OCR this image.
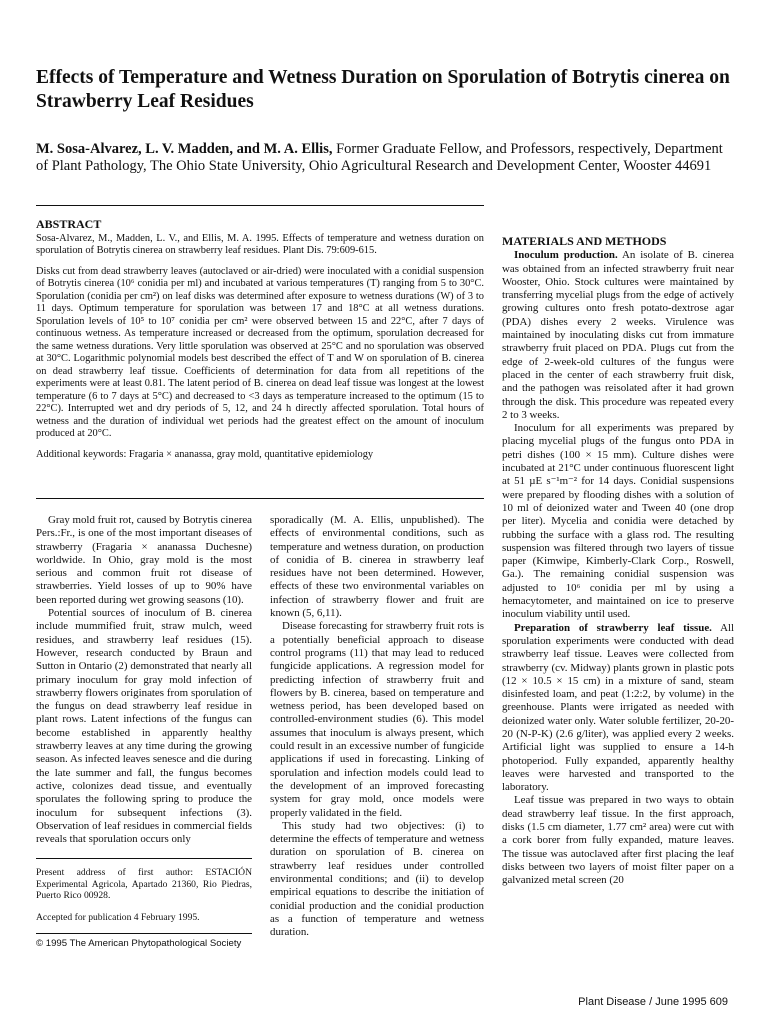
Effects of Temperature and Wetness Duration on Sporulation of Botrytis cinerea on Strawberry Leaf Residues
M. Sosa-Alvarez, L. V. Madden, and M. A. Ellis, Former Graduate Fellow, and Professors, respectively, Department of Plant Pathology, The Ohio State University, Ohio Agricultural Research and Development Center, Wooster 44691
ABSTRACT

Sosa-Alvarez, M., Madden, L. V., and Ellis, M. A. 1995. Effects of temperature and wetness duration on sporulation of Botrytis cinerea on strawberry leaf residues. Plant Dis. 79:609-615.

Disks cut from dead strawberry leaves (autoclaved or air-dried) were inoculated with a conidial suspension of Botrytis cinerea (10⁶ conidia per ml) and incubated at various temperatures (T) ranging from 5 to 30°C. Sporulation (conidia per cm²) on leaf disks was determined after exposure to wetness durations (W) of 3 to 11 days. Optimum temperature for sporulation was between 17 and 18°C at all wetness durations. Sporulation levels of 10⁵ to 10⁷ conidia per cm² were observed between 15 and 22°C, after 7 days of continuous wetness. As temperature increased or decreased from the optimum, sporulation decreased for the same wetness durations. Very little sporulation was observed at 25°C and no sporulation was observed at 30°C. Logarithmic polynomial models best described the effect of T and W on sporulation of B. cinerea on dead strawberry leaf tissue. Coefficients of determination for data from all repetitions of the experiments were at least 0.81. The latent period of B. cinerea on dead leaf tissue was longest at the lowest temperature (6 to 7 days at 5°C) and decreased to <3 days as temperature increased to the optimum (15 to 22°C). Interrupted wet and dry periods of 5, 12, and 24 h directly affected sporulation. Total hours of wetness and the duration of individual wet periods had the greatest effect on the amount of inoculum produced at 20°C.

Additional keywords: Fragaria × ananassa, gray mold, quantitative epidemiology

Gray mold fruit rot, caused by Botrytis cinerea Pers.:Fr., is one of the most important diseases of strawberry (Fragaria × ananassa Duchesne) worldwide. In Ohio, gray mold is the most serious and common fruit rot disease of strawberries. Yield losses of up to 90% have been reported during wet growing seasons (10).

Potential sources of inoculum of B. cinerea include mummified fruit, straw mulch, weed residues, and strawberry leaf residues (15). However, research conducted by Braun and Sutton in Ontario (2) demonstrated that nearly all primary inoculum for gray mold infection of strawberry flowers originates from sporulation of the fungus on dead strawberry leaf residue in plant rows. Latent infections of the fungus can become established in apparently healthy strawberry leaves at any time during the growing season. As infected leaves senesce and die during the late summer and fall, the fungus becomes active, colonizes dead tissue, and eventually sporulates the following spring to produce the inoculum for subsequent infections (3). Observation of leaf residues in commercial fields reveals that sporulation occurs only

Present address of first author: ESTACIÓN Experimental Agricola, Apartado 21360, Rio Piedras, Puerto Rico 00928.

Accepted for publication 4 February 1995.

© 1995 The American Phytopathological Society

sporadically (M. A. Ellis, unpublished). The effects of environmental conditions, such as temperature and wetness duration, on production of conidia of B. cinerea in strawberry leaf residues have not been determined. However, effects of these two environmental variables on infection of strawberry flower and fruit are known (5, 6,11).

Disease forecasting for strawberry fruit rots is a potentially beneficial approach to disease control programs (11) that may lead to reduced fungicide applications. A regression model for predicting infection of strawberry fruit and flowers by B. cinerea, based on temperature and wetness period, has been developed based on controlled-environment studies (6). This model assumes that inoculum is always present, which could result in an excessive number of fungicide applications if used in forecasting. Linking of sporulation and infection models could lead to the development of an improved forecasting system for gray mold, once models were properly validated in the field.

This study had two objectives: (i) to determine the effects of temperature and wetness duration on sporulation of B. cinerea on strawberry leaf residues under controlled environmental conditions; and (ii) to develop empirical equations to describe the initiation of conidial production and the conidial production as a function of temperature and wetness duration.

MATERIALS AND METHODS

Inoculum production. An isolate of B. cinerea was obtained from an infected strawberry fruit near Wooster, Ohio. Stock cultures were maintained by transferring mycelial plugs from the edge of actively growing cultures onto fresh potato-dextrose agar (PDA) dishes every 2 weeks. Virulence was maintained by inoculating disks cut from immature strawberry fruit placed on PDA. Plugs cut from the edge of 2-week-old cultures of the fungus were placed in the center of each strawberry fruit disk, and the pathogen was reisolated after it had grown through the disk. This procedure was repeated every 2 to 3 weeks.

Inoculum for all experiments was prepared by placing mycelial plugs of the fungus onto PDA in petri dishes (100 × 15 mm). Culture dishes were incubated at 21°C under continuous fluorescent light at 51 µE s⁻¹m⁻² for 14 days. Conidial suspensions were prepared by flooding dishes with a solution of 10 ml of deionized water and Tween 40 (one drop per liter). Mycelia and conidia were detached by rubbing the surface with a glass rod. The resulting suspension was filtered through two layers of tissue paper (Kimwipe, Kimberly-Clark Corp., Roswell, Ga.). The remaining conidial suspension was adjusted to 10⁶ conidia per ml by using a hemacytometer, and maintained on ice to preserve inoculum viability until used.

Preparation of strawberry leaf tissue. All sporulation experiments were conducted with dead strawberry leaf tissue. Leaves were collected from strawberry (cv. Midway) plants grown in plastic pots (12 × 10.5 × 15 cm) in a mixture of sand, steam disinfested loam, and peat (1:2:2, by volume) in the greenhouse. Plants were irrigated as needed with deionized water only. Water soluble fertilizer, 20-20-20 (N-P-K) (2.6 g/liter), was applied every 2 weeks. Artificial light was supplied to ensure a 14-h photoperiod. Fully expanded, apparently healthy leaves were harvested and transported to the laboratory.

Leaf tissue was prepared in two ways to obtain dead strawberry leaf tissue. In the first approach, disks (1.5 cm diameter, 1.77 cm² area) were cut with a cork borer from fully expanded, mature leaves. The tissue was autoclaved after first placing the leaf disks between two layers of moist filter paper on a galvanized metal screen (20

Plant Disease / June 1995 609
